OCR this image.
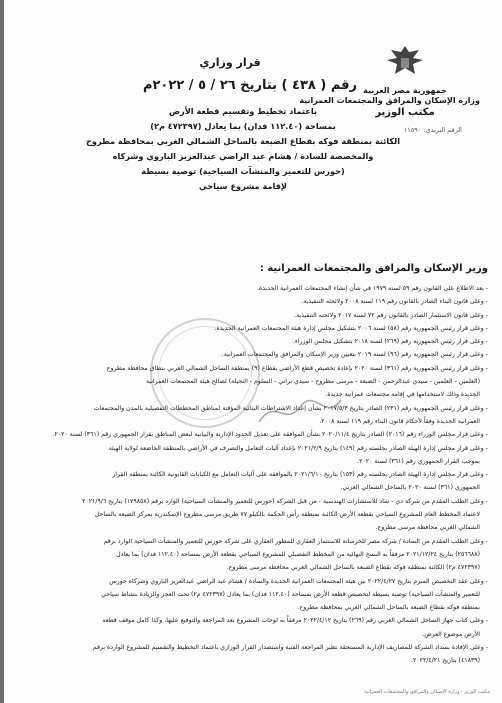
جمهورية مصر العربية
وزارة الإسكان والمرافق والمجتمعات العمرانية
مكتب الوزير
الرقم البريدي: ١١٥٩٠
قرار وزاري
رقم ( ٤٣٨ ) بتاريخ ٢٦ / ٥ / ٢٠٢٢م
باعتماد تخطيط وتقسيم قطعة الأرض
بمساحة (١١٢.٤٠ فدان) بما يعادل (٤٧٢٣٩٧ م٢)
الكائنة بمنطقة فوكه بقطاع الضبعة بالساحل الشمالي الغربي بمحافظة مطروح
والمخصصة للسادة / هشام عبد الراضي عبدالعزيز الباروي وشركاه
(حورس للتعمير والمنشآت السياحية) توصية بسيطة
لإقامة مشروع سياحي
وزير الإسكان والمرافق والمجتمعات العمرانية :
- بعد الاطلاع على القانون رقم ٥٩ لسنة ١٩٧٩ في شأن إنشاء المجتمعات العمرانية الجديدة.
- وعلى قانون البناء الصادر بالقانون رقم ١١٩ لسنة ٢٠٠٨ ولائحته التنفيذية.
- وعلى قانون الاستثمار الصادر بالقانون رقم ٧٢ لسنة ٢٠١٧ ولائحته التنفيذية.
- وعلى قرار رئيس الجمهورية رقم (٥٨) لسنة ٢٠٠٦ بتشكيل مجلس إدارة هيئة المجتمعات العمرانية الجديدة.
- وعلى قرار رئيس الجمهورية رقم (٢٦٩) لسنة ٢٠١٨ بتشكيل مجلس الوزراء.
- وعلى قرار رئيس الجمهورية رقم (٩٦) لسنة ٢٠١٩ بتعيين وزير الإسكان والمرافق والمجتمعات العمرانية.
- وعلى قرار رئيس الجمهورية رقم (٣٦١) لسنة ٢٠٢٠ بإعادة تخصيص قطع الأراضي بقطاع (٩) بمنطقة الساحل الشمالي الغربي بنطاق محافظة مطروح
(العلمين - العلمين - سيدي عبدالرحمن - الضبعة - مرسى مطروح - سيدي براني - السلوم - النجيلة) لصالح هيئة المجتمعات العمرانية
الجديدة وذلك لاستخدامها في إقامة مجتمعات عمرانية جديدة.
- وعلى قرار رئيس الجمهورية رقم (٢٣١) الصادر بتاريخ ٢٠١٧/٥/٣ بشأن إعداد الاشتراطات البنائية المؤقتة لمناطق المخططات التفصيلية بالمدن والمجتمعات
العمرانية الجديدة وفقاً لأحكام قانون البناء رقم ١١٩ لسنة ٢٠٠٨.
- وعلى قرار مجلس الوزراء رقم (٢٠١٦) الصادر بتاريخ ٢٠٢٠/١١/٤ بشأن الموافقة على تعديل الحدود الإدارية والبيانية لبعض المناطق بقرار الجمهوري رقم (٣٦١) لسنة ٢٠٢٠.
- وعلى قرار مجلس إدارة الهيئة الصادر بجلسته رقم (١٤٩) بتاريخ ٢٠٢١/٢/٩ بإعداد آليات التعامل والتصرف في الأراضي بالمنطقة الخاضعة لولاية الهيئة
بموجب القرار الجمهوري رقم (٣٦١) لسنة ٢٠٢٠.
- وعلى قرار مجلس إدارة الهيئة الصادر بجلسته رقم (١٥٣) بتاريخ ٢٠٢١/٦/١٠ بالموافقة على آليات التعامل مع الكيانات القانونية الكائنة بمنطقة القرار
الجمهوري (٣٦١) لسنة ٢٠٢٠ بالساحل الشمالي الغربي.
- وعلى الطلب المقدم من شركة دي - شاد للاستشارات الهندسية - من قبل الشركة (حورس للتعمير والمنشآت السياحية) الوارد برقم (١٧٩٨٥٨) بتاريخ ٢٠٢١/٩/٦
لاعتماد المخطط العام للمشروع السياحي بقطعة الأرض الكائنة بمنطقة رأس الحكمة بالكيلو ٧٧ طريق مرسى مطروح الإسكندرية بمركز الضبعة بالساحل
الشمالي الغربي محافظة مرسى مطروح.
- وعلى الطلب المقدم من السادة / شركة مصر للخرسانة للاستثمار العقاري للمطور العقاري على شركة حورس للتعمير والمنشآت السياحية الوارد برقم
(٢٥٦٦٨٨) بتاريخ ٢٠٢١/١٢/٢٤ مرفقاً به النسخ النهائية من المخطط التفصيلي للمشروع السياحي بقطعة الأرض بمساحة (١١٢.٤٠ فدان) بما يعادل
(٤٧٢٣٩٧ م٢) الكائنة بمنطقة فوكه بقطاع الضبعة بالساحل الشمالي الغربي محافظة مرسى مطروح.
- وعلى عقد التخصيص المبرم بتاريخ ٢٠٢٢/٤/٢٧ بين هيئة المجتمعات العمرانية الجديدة والسادة / هشام عبد الراضي عبدالعزيز الباروي وشركاه حورس
للتعمير والمنشآت السياحية) توصية بسيطة لتخصيص قطعة الأرض بمساحة (١١٢.٤٠ فدان) بما يعادل (٤٧٢٣٩٧ م٢) تحت العجز والزيادة بنشاط سياحي
بمنطقة فوكه بقطاع الضبعة بالساحل الشمالي الغربي بمحافظة مطروح.
- وعلى كتاب جهاز الساحل الشمالي الغربي رقم (٢٦٩) بتاريخ ٢٠٢٢/٤/١٢ مرفقاً به لوحات المشروع بعد المراجعة والتوقيع عليها، وكذا كامل موقف قطعة
الأرض موضوع العرض.
- وعلى الإفادة بسداد الشركة للمصاريف الإدارية المستحقة نظير المراجعة الفنية واستصدار القرار الوزاري باعتماد التخطيط والتقسيم للمشروع الواردة برقم
(٤١٨٣٩) بتاريخ ٢٠٢٢/٤/٢١.
مكتب الوزير - وزارة الإسكان والمرافق والمجتمعات العمرانية
